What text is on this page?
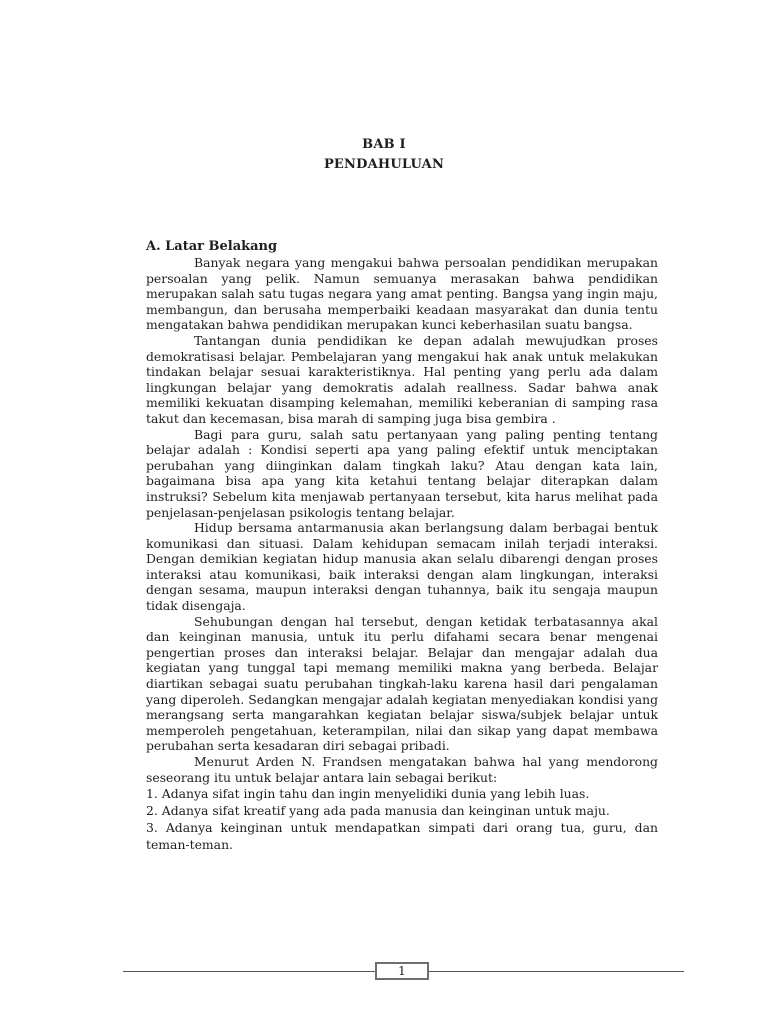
BAB I
PENDAHULUAN
A. Latar Belakang

Banyak negara yang mengakui bahwa persoalan pendidikan merupakan persoalan yang pelik. Namun semuanya merasakan bahwa pendidikan merupakan salah satu tugas negara yang amat penting. Bangsa yang ingin maju, membangun, dan berusaha memperbaiki keadaan masyarakat dan dunia tentu mengatakan bahwa pendidikan merupakan kunci keberhasilan suatu bangsa.

Tantangan dunia pendidikan ke depan adalah mewujudkan proses demokratisasi belajar. Pembelajaran yang mengakui hak anak untuk melakukan tindakan belajar sesuai karakteristiknya. Hal penting yang perlu ada dalam lingkungan belajar yang demokratis adalah reallness. Sadar bahwa anak memiliki kekuatan disamping kelemahan, memiliki keberanian di samping rasa takut dan kecemasan, bisa marah di samping juga bisa gembira .

Bagi para guru, salah satu pertanyaan yang paling penting tentang belajar adalah : Kondisi seperti apa yang paling efektif untuk menciptakan perubahan yang diinginkan dalam tingkah laku? Atau dengan kata lain, bagaimana bisa apa yang kita ketahui tentang belajar diterapkan dalam instruksi? Sebelum kita menjawab pertanyaan tersebut, kita harus melihat pada penjelasan-penjelasan psikologis tentang belajar.

Hidup bersama antarmanusia akan berlangsung dalam berbagai bentuk komunikasi dan situasi. Dalam kehidupan semacam inilah terjadi interaksi. Dengan demikian kegiatan hidup manusia akan selalu dibarengi dengan proses interaksi atau komunikasi, baik interaksi dengan alam lingkungan, interaksi dengan sesama, maupun interaksi dengan tuhannya, baik itu sengaja maupun tidak disengaja.

Sehubungan dengan hal tersebut, dengan ketidak terbatasannya akal dan keinginan manusia, untuk itu perlu difahami secara benar mengenai pengertian proses dan interaksi belajar. Belajar dan mengajar adalah dua kegiatan yang tunggal tapi memang memiliki makna yang berbeda. Belajar diartikan sebagai suatu perubahan tingkah-laku karena hasil dari pengalaman yang diperoleh. Sedangkan mengajar adalah kegiatan menyediakan kondisi yang merangsang serta mangarahkan kegiatan belajar siswa/subjek belajar untuk memperoleh pengetahuan, keterampilan, nilai dan sikap yang dapat membawa perubahan serta kesadaran diri sebagai pribadi.

Menurut Arden N. Frandsen mengatakan bahwa hal yang mendorong seseorang itu untuk belajar antara lain sebagai berikut:

1. Adanya sifat ingin tahu dan ingin menyelidiki dunia yang lebih luas.

2. Adanya sifat kreatif yang ada pada manusia dan keinginan untuk maju.

3. Adanya keinginan untuk mendapatkan simpati dari orang tua, guru, dan teman-teman.

1
